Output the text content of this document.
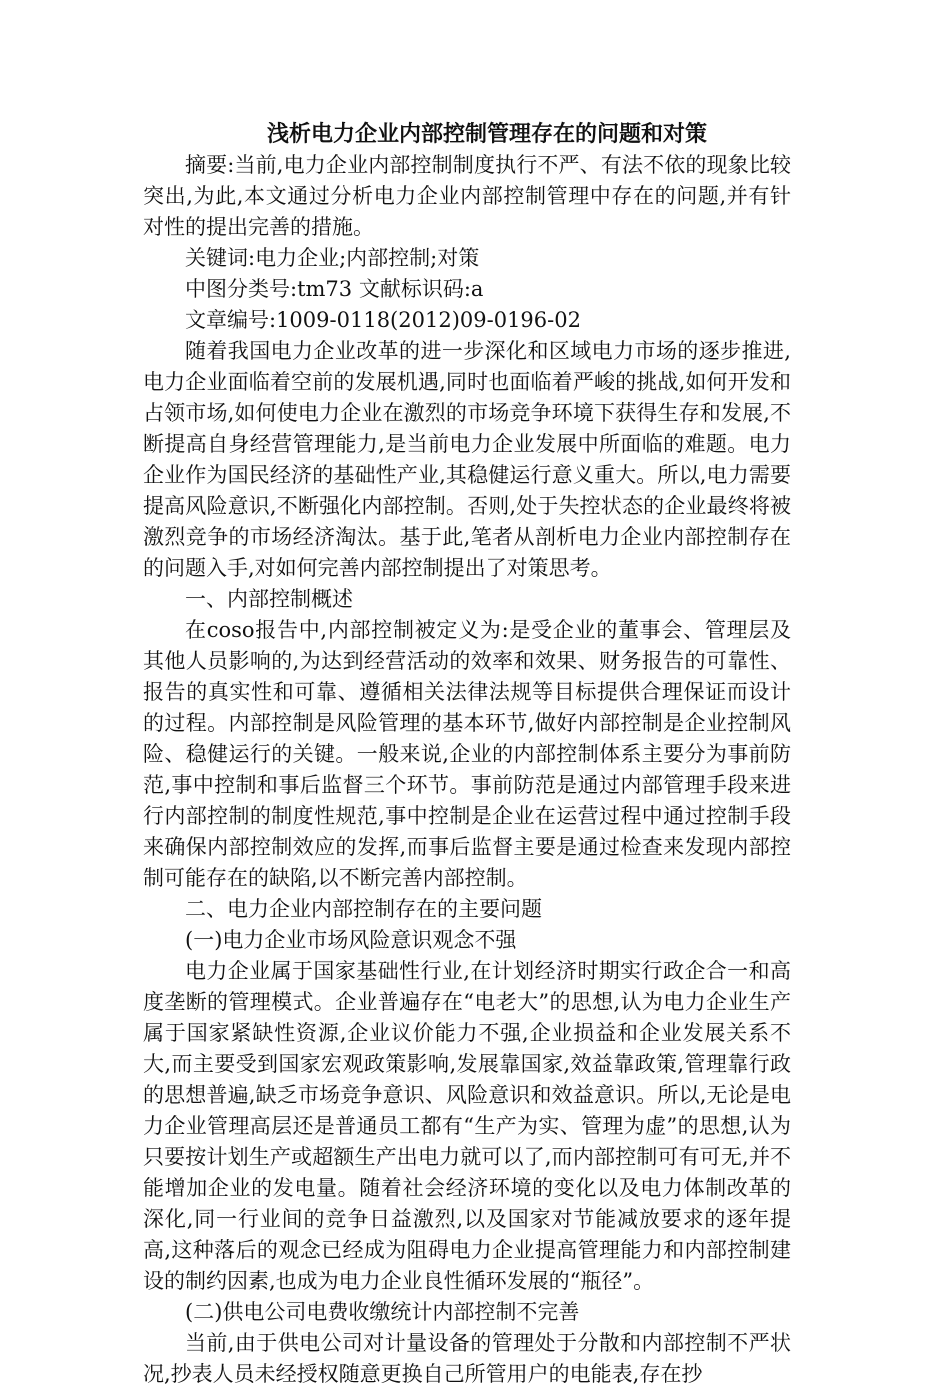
浅析电力企业内部控制管理存在的问题和对策

摘要:当前,电力企业内部控制制度执行不严、有法不依的现象比较突出,为此,本文通过分析电力企业内部控制管理中存在的问题,并有针对性的提出完善的措施。

关键词:电力企业;内部控制;对策

中图分类号:tm73 文献标识码:a

文章编号:1009-0118(2012)09-0196-02

随着我国电力企业改革的进一步深化和区域电力市场的逐步推进,电力企业面临着空前的发展机遇,同时也面临着严峻的挑战,如何开发和占领市场,如何使电力企业在激烈的市场竞争环境下获得生存和发展,不断提高自身经营管理能力,是当前电力企业发展中所面临的难题。电力企业作为国民经济的基础性产业,其稳健运行意义重大。所以,电力需要提高风险意识,不断强化内部控制。否则,处于失控状态的企业最终将被激烈竞争的市场经济淘汰。基于此,笔者从剖析电力企业内部控制存在的问题入手,对如何完善内部控制提出了对策思考。

一、内部控制概述

在coso报告中,内部控制被定义为:是受企业的董事会、管理层及其他人员影响的,为达到经营活动的效率和效果、财务报告的可靠性、报告的真实性和可靠、遵循相关法律法规等目标提供合理保证而设计的过程。内部控制是风险管理的基本环节,做好内部控制是企业控制风险、稳健运行的关键。一般来说,企业的内部控制体系主要分为事前防范,事中控制和事后监督三个环节。事前防范是通过内部管理手段来进行内部控制的制度性规范,事中控制是企业在运营过程中通过控制手段来确保内部控制效应的发挥,而事后监督主要是通过检查来发现内部控制可能存在的缺陷,以不断完善内部控制。

二、电力企业内部控制存在的主要问题

(一)电力企业市场风险意识观念不强

电力企业属于国家基础性行业,在计划经济时期实行政企合一和高度垄断的管理模式。企业普遍存在“电老大”的思想,认为电力企业生产属于国家紧缺性资源,企业议价能力不强,企业损益和企业发展关系不大,而主要受到国家宏观政策影响,发展靠国家,效益靠政策,管理靠行政的思想普遍,缺乏市场竞争意识、风险意识和效益意识。所以,无论是电力企业管理高层还是普通员工都有“生产为实、管理为虚”的思想,认为只要按计划生产或超额生产出电力就可以了,而内部控制可有可无,并不能增加企业的发电量。随着社会经济环境的变化以及电力体制改革的深化,同一行业间的竞争日益激烈,以及国家对节能减放要求的逐年提高,这种落后的观念已经成为阻碍电力企业提高管理能力和内部控制建设的制约因素,也成为电力企业良性循环发展的“瓶径”。

(二)供电公司电费收缴统计内部控制不完善

当前,由于供电公司对计量设备的管理处于分散和内部控制不严状况,抄表人员未经授权随意更换自己所管用户的电能表,存在抄
